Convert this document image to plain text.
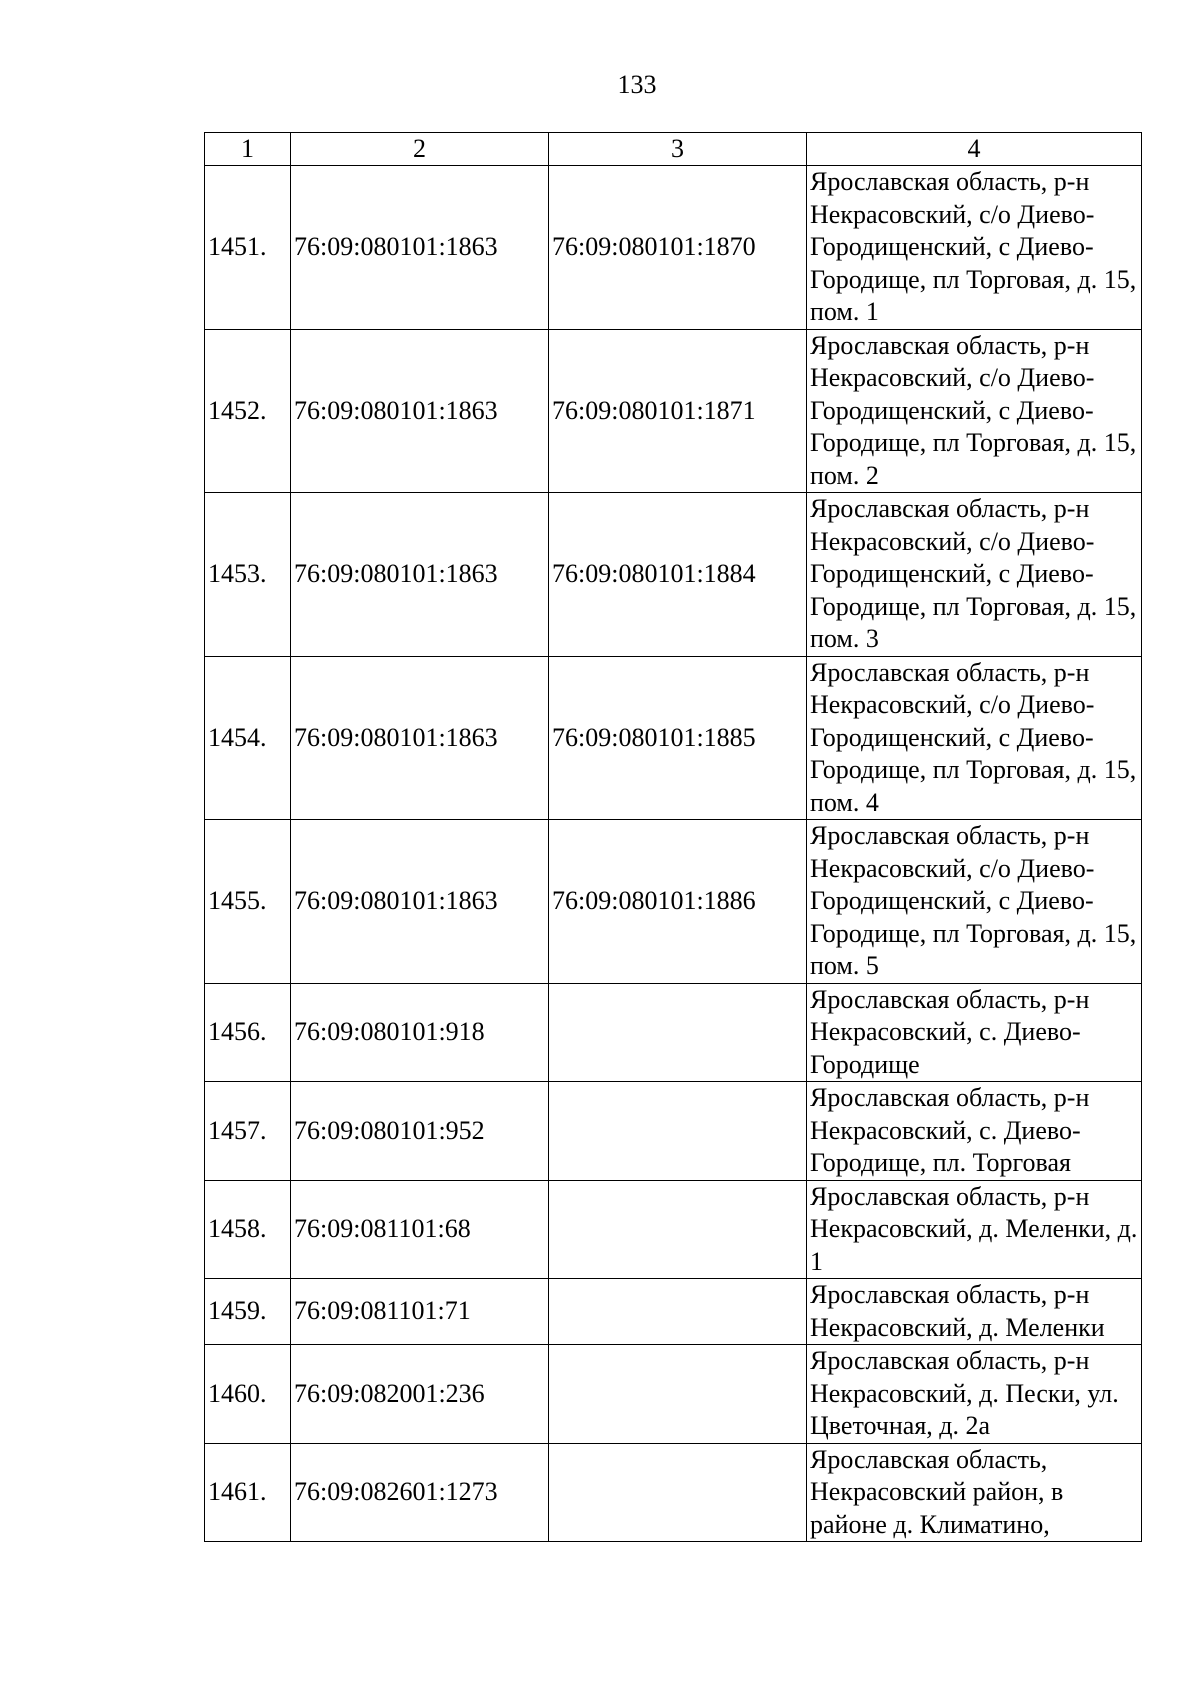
133
1	2	3	4
1451.	76:09:080101:1863	76:09:080101:1870	Ярославская область, р-н Некрасовский, с/о Диево-Городищенский, с Диево-Городище, пл Торговая, д. 15, пом. 1
1452.	76:09:080101:1863	76:09:080101:1871	Ярославская область, р-н Некрасовский, с/о Диево-Городищенский, с Диево-Городище, пл Торговая, д. 15, пом. 2
1453.	76:09:080101:1863	76:09:080101:1884	Ярославская область, р-н Некрасовский, с/о Диево-Городищенский, с Диево-Городище, пл Торговая, д. 15, пом. 3
1454.	76:09:080101:1863	76:09:080101:1885	Ярославская область, р-н Некрасовский, с/о Диево-Городищенский, с Диево-Городище, пл Торговая, д. 15, пом. 4
1455.	76:09:080101:1863	76:09:080101:1886	Ярославская область, р-н Некрасовский, с/о Диево-Городищенский, с Диево-Городище, пл Торговая, д. 15, пом. 5
1456.	76:09:080101:918		Ярославская область, р-н Некрасовский, с. Диево-Городище
1457.	76:09:080101:952		Ярославская область, р-н Некрасовский, с. Диево-Городище, пл. Торговая
1458.	76:09:081101:68		Ярославская область, р-н Некрасовский, д. Меленки, д. 1
1459.	76:09:081101:71		Ярославская область, р-н Некрасовский, д. Меленки
1460.	76:09:082001:236		Ярославская область, р-н Некрасовский, д. Пески, ул. Цветочная, д. 2а
1461.	76:09:082601:1273		Ярославская область, Некрасовский район, в районе д. Климатино,
